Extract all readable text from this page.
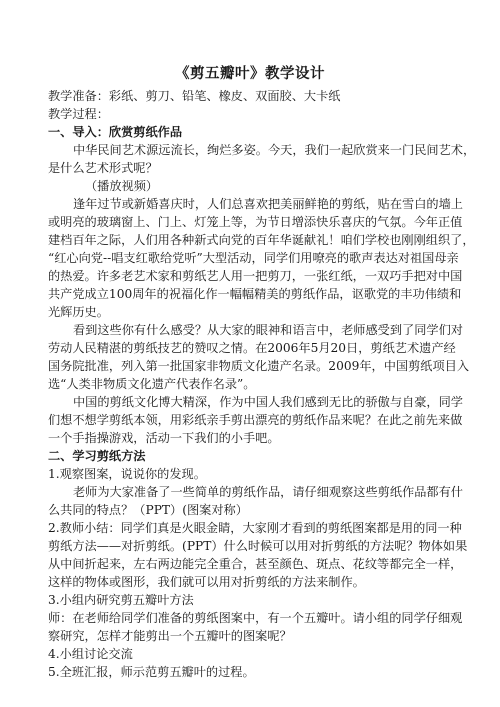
《剪五瓣叶》教学设计
教学准备：彩纸、剪刀、铅笔、橡皮、双面胶、大卡纸
教学过程：
一、导入：欣赏剪纸作品
中华民间艺术源远流长，绚烂多姿。今天，我们一起欣赏来一门民间艺术，
是什么艺术形式呢？
（播放视频）
逢年过节或新婚喜庆时，人们总喜欢把美丽鲜艳的剪纸，贴在雪白的墙上
或明亮的玻璃窗上、门上、灯笼上等，为节日增添快乐喜庆的气氛。今年正值
建档百年之际，人们用各种新式向党的百年华诞献礼！咱们学校也刚刚组织了，
“红心向党--唱支红歌给党听”大型活动，同学们用嘹亮的歌声表达对祖国母亲
的热爱。许多老艺术家和剪纸艺人用一把剪刀，一张红纸，一双巧手把对中国
共产党成立100周年的祝福化作一幅幅精美的剪纸作品，讴歌党的丰功伟绩和
光辉历史。
看到这些你有什么感受？从大家的眼神和语言中，老师感受到了同学们对
劳动人民精湛的剪纸技艺的赞叹之情。在2006年5月20日，剪纸艺术遗产经
国务院批准，列入第一批国家非物质文化遗产名录。2009年，中国剪纸项目入
选“人类非物质文化遗产代表作名录”。
中国的剪纸文化博大精深，作为中国人我们感到无比的骄傲与自豪，同学
们想不想学剪纸本领，用彩纸亲手剪出漂亮的剪纸作品来呢？在此之前先来做
一个手指操游戏，活动一下我们的小手吧。
二、学习剪纸方法
1.观察图案，说说你的发现。
老师为大家准备了一些简单的剪纸作品，请仔细观察这些剪纸作品都有什
么共同的特点？（PPT）(图案对称）
2.教师小结：同学们真是火眼金睛，大家刚才看到的剪纸图案都是用的同一种
剪纸方法——对折剪纸。(PPT）什么时候可以用对折剪纸的方法呢？物体如果
从中间折起来，左右两边能完全重合，甚至颜色、斑点、花纹等都完全一样，
这样的物体或图形，我们就可以用对折剪纸的方法来制作。
3.小组内研究剪五瓣叶方法
师：在老师给同学们准备的剪纸图案中，有一个五瓣叶。请小组的同学仔细观
察研究，怎样才能剪出一个五瓣叶的图案呢？
4.小组讨论交流
5.全班汇报，师示范剪五瓣叶的过程。
